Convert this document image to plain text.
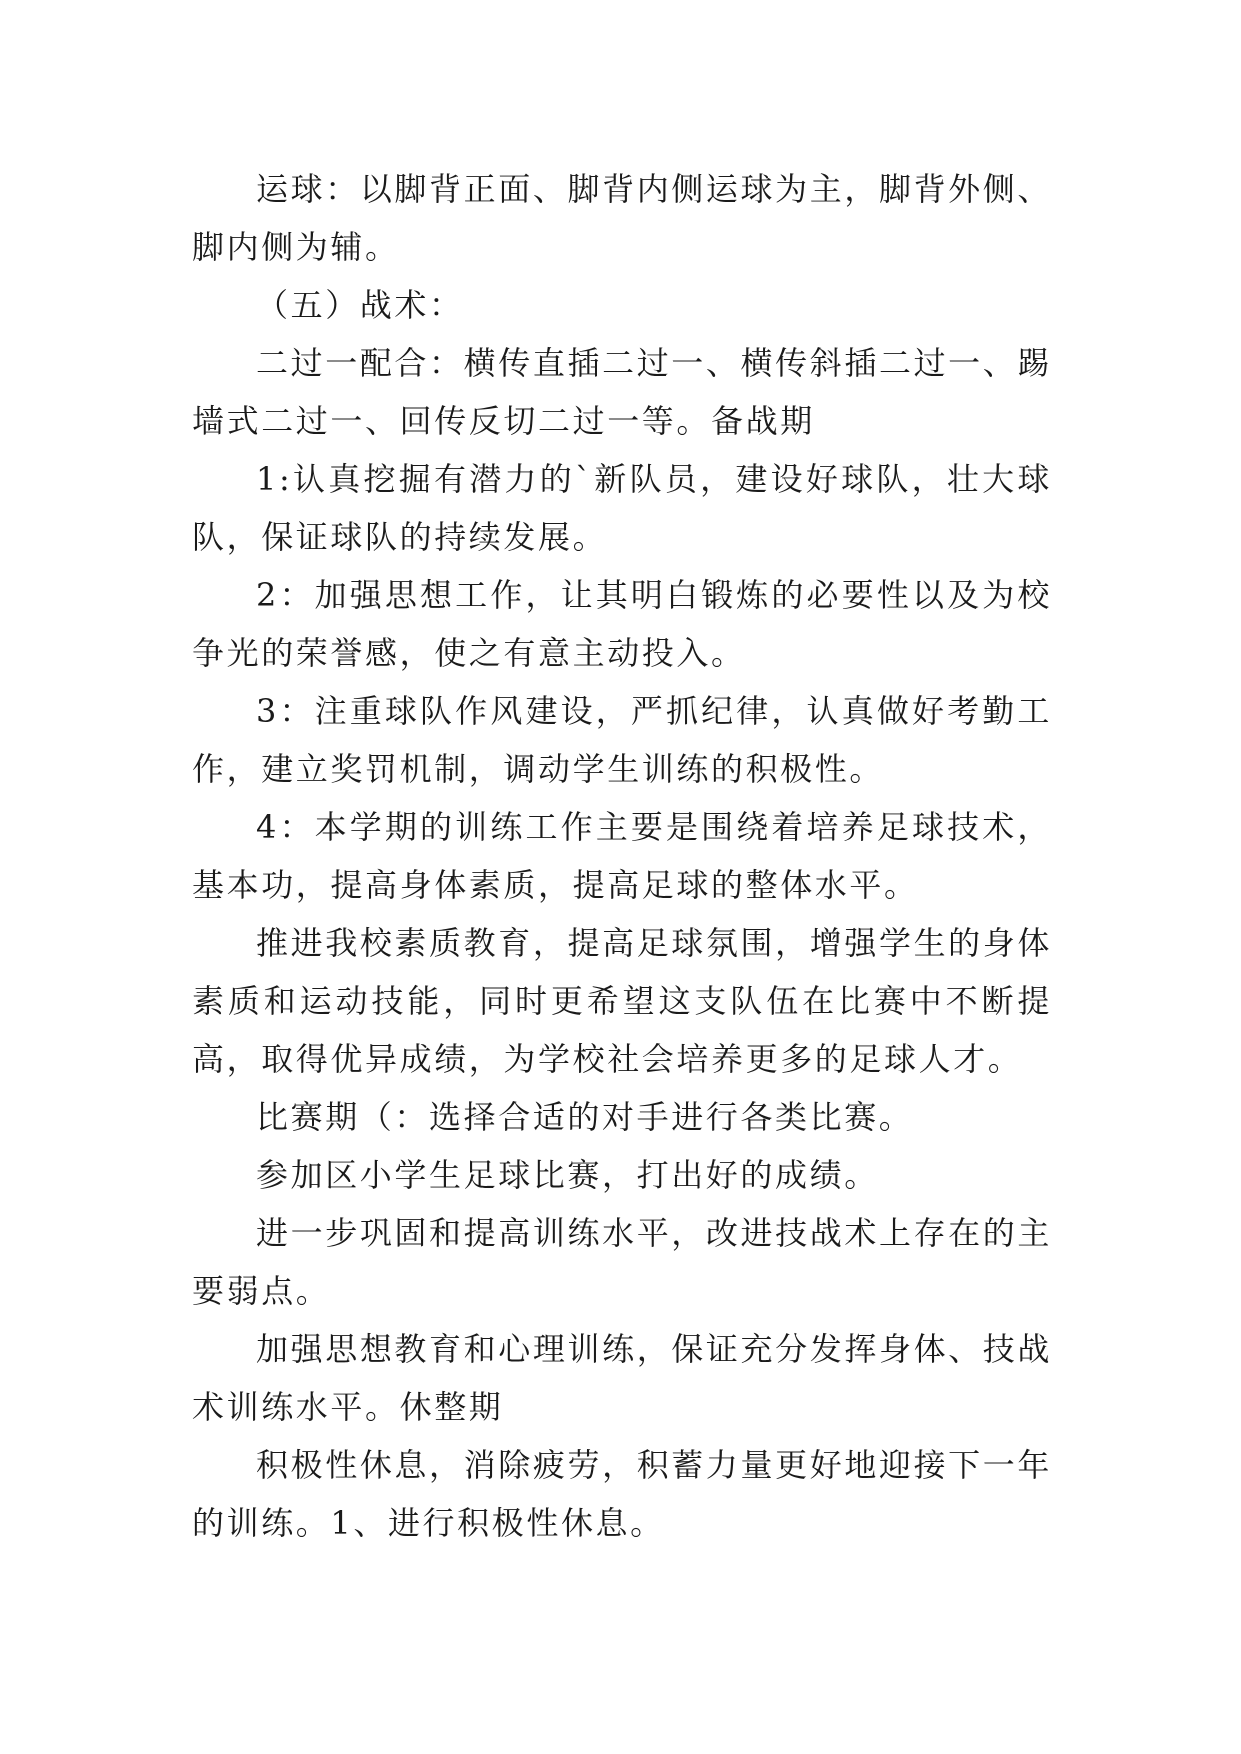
运球：以脚背正面、脚背内侧运球为主，脚背外侧、脚内侧为辅。

（五）战术：

二过一配合：横传直插二过一、横传斜插二过一、踢墙式二过一、回传反切二过一等。备战期

1:认真挖掘有潜力的`新队员，建设好球队，壮大球队，保证球队的持续发展。

2：加强思想工作，让其明白锻炼的必要性以及为校争光的荣誉感，使之有意主动投入。

3：注重球队作风建设，严抓纪律，认真做好考勤工作，建立奖罚机制，调动学生训练的积极性。

4：本学期的训练工作主要是围绕着培养足球技术，基本功，提高身体素质，提高足球的整体水平。

推进我校素质教育，提高足球氛围，增强学生的身体素质和运动技能，同时更希望这支队伍在比赛中不断提高，取得优异成绩，为学校社会培养更多的足球人才。

比赛期（：选择合适的对手进行各类比赛。

参加区小学生足球比赛，打出好的成绩。

进一步巩固和提高训练水平，改进技战术上存在的主要弱点。

加强思想教育和心理训练，保证充分发挥身体、技战术训练水平。休整期

积极性休息，消除疲劳，积蓄力量更好地迎接下一年的训练。1、进行积极性休息。
